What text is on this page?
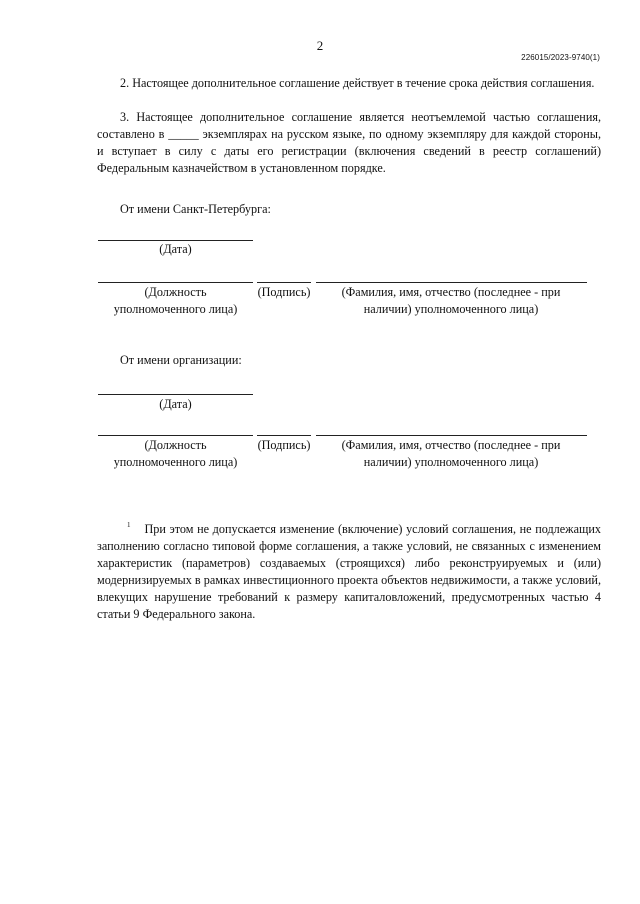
2
226015/2023-9740(1)

2. Настоящее дополнительное соглашение действует в течение срока действия соглашения.

3. Настоящее дополнительное соглашение является неотъемлемой частью соглашения, составлено в _____ экземплярах на русском языке, по одному экземпляру для каждой стороны, и вступает в силу с даты его регистрации (включения сведений в реестр соглашений) Федеральным казначейством в установленном порядке.

От имени Санкт-Петербурга:
(Дата)
(Должность уполномоченного лица)
(Подпись)	(Фамилия, имя, отчество (последнее - при наличии) уполномоченного лица)
От имени организации:
(Дата)
(Должность уполномоченного лица)
(Подпись)	(Фамилия, имя, отчество (последнее - при наличии) уполномоченного лица)

$^1$ При этом не допускается изменение (включение) условий соглашения, не подлежащих заполнению согласно типовой форме соглашения, а также условий, не связанных с изменением характеристик (параметров) создаваемых (строящихся) либо реконструируемых и (или) модернизируемых в рамках инвестиционного проекта объектов недвижимости, а также условий, влекущих нарушение требований к размеру капиталовложений, предусмотренных частью 4 статьи 9 Федерального закона.
